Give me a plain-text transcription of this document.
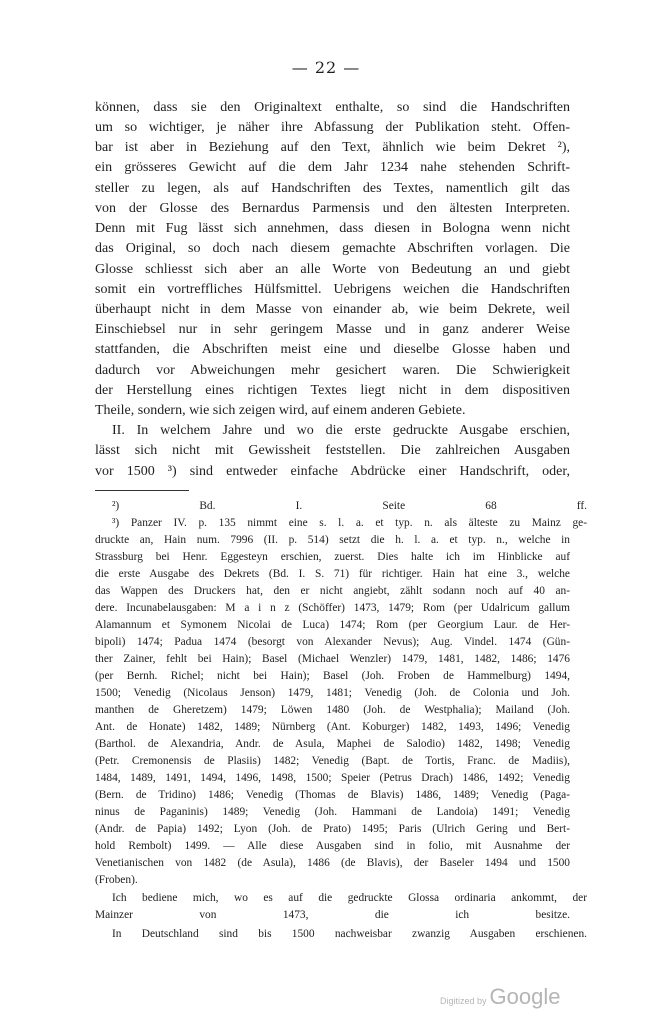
— 22 —
können, dass sie den Originaltext enthalte, so sind die Handschriften
um so wichtiger, je näher ihre Abfassung der Publikation steht. Offen-
bar ist aber in Beziehung auf den Text, ähnlich wie beim Dekret ²),
ein grösseres Gewicht auf die dem Jahr 1234 nahe stehenden Schrift-
steller zu legen, als auf Handschriften des Textes, namentlich gilt das
von der Glosse des Bernardus Parmensis und den ältesten Interpreten.
Denn mit Fug lässt sich annehmen, dass diesen in Bologna wenn nicht
das Original, so doch nach diesem gemachte Abschriften vorlagen. Die
Glosse schliesst sich aber an alle Worte von Bedeutung an und giebt
somit ein vortreffliches Hülfsmittel. Uebrigens weichen die Handschriften
überhaupt nicht in dem Masse von einander ab, wie beim Dekrete, weil
Einschiebsel nur in sehr geringem Masse und in ganz anderer Weise
stattfanden, die Abschriften meist eine und dieselbe Glosse haben und
dadurch vor Abweichungen mehr gesichert waren. Die Schwierigkeit
der Herstellung eines richtigen Textes liegt nicht in dem dispositiven
Theile, sondern, wie sich zeigen wird, auf einem anderen Gebiete.
II. In welchem Jahre und wo die erste gedruckte Ausgabe erschien,
lässt sich nicht mit Gewissheit feststellen. Die zahlreichen Ausgaben
vor 1500 ³) sind entweder einfache Abdrücke einer Handschrift, oder,
²) Bd. I. Seite 68 ff.
³) Panzer IV. p. 135 nimmt eine s. l. a. et typ. n. als älteste zu Mainz ge-
druckte an, Hain num. 7996 (II. p. 514) setzt die h. l. a. et typ. n., welche in
Strassburg bei Henr. Eggesteyn erschien, zuerst. Dies halte ich im Hinblicke auf
die erste Ausgabe des Dekrets (Bd. I. S. 71) für richtiger. Hain hat eine 3., welche
das Wappen des Druckers hat, den er nicht angiebt, zählt sodann noch auf 40 an-
dere. Incunabelausgaben: M a i n z (Schöffer) 1473, 1479; Rom (per Udalricum gallum
Alamannum et Symonem Nicolai de Luca) 1474; Rom (per Georgium Laur. de Her-
bipoli) 1474; Padua 1474 (besorgt von Alexander Nevus); Aug. Vindel. 1474 (Gün-
ther Zainer, fehlt bei Hain); Basel (Michael Wenzler) 1479, 1481, 1482, 1486; 1476
(per Bernh. Richel; nicht bei Hain); Basel (Joh. Froben de Hammelburg) 1494,
1500; Venedig (Nicolaus Jenson) 1479, 1481; Venedig (Joh. de Colonia und Joh.
manthen de Gheretzem) 1479; Löwen 1480 (Joh. de Westphalia); Mailand (Joh.
Ant. de Honate) 1482, 1489; Nürnberg (Ant. Koburger) 1482, 1493, 1496; Venedig
(Barthol. de Alexandria, Andr. de Asula, Maphei de Salodio) 1482, 1498; Venedig
(Petr. Cremonensis de Plasiis) 1482; Venedig (Bapt. de Tortis, Franc. de Madiis),
1484, 1489, 1491, 1494, 1496, 1498, 1500; Speier (Petrus Drach) 1486, 1492; Venedig
(Bern. de Tridino) 1486; Venedig (Thomas de Blavis) 1486, 1489; Venedig (Paga-
ninus de Paganinis) 1489; Venedig (Joh. Hammani de Landoia) 1491; Venedig
(Andr. de Papia) 1492; Lyon (Joh. de Prato) 1495; Paris (Ulrich Gering und Bert-
hold Rembolt) 1499. — Alle diese Ausgaben sind in folio, mit Ausnahme der
Venetianischen von 1482 (de Asula), 1486 (de Blavis), der Baseler 1494 und 1500
(Froben).
Ich bediene mich, wo es auf die gedruckte Glossa ordinaria ankommt, der
Mainzer von 1473, die ich besitze.
In Deutschland sind bis 1500 nachweisbar zwanzig Ausgaben erschienen.
Digitized by Google
